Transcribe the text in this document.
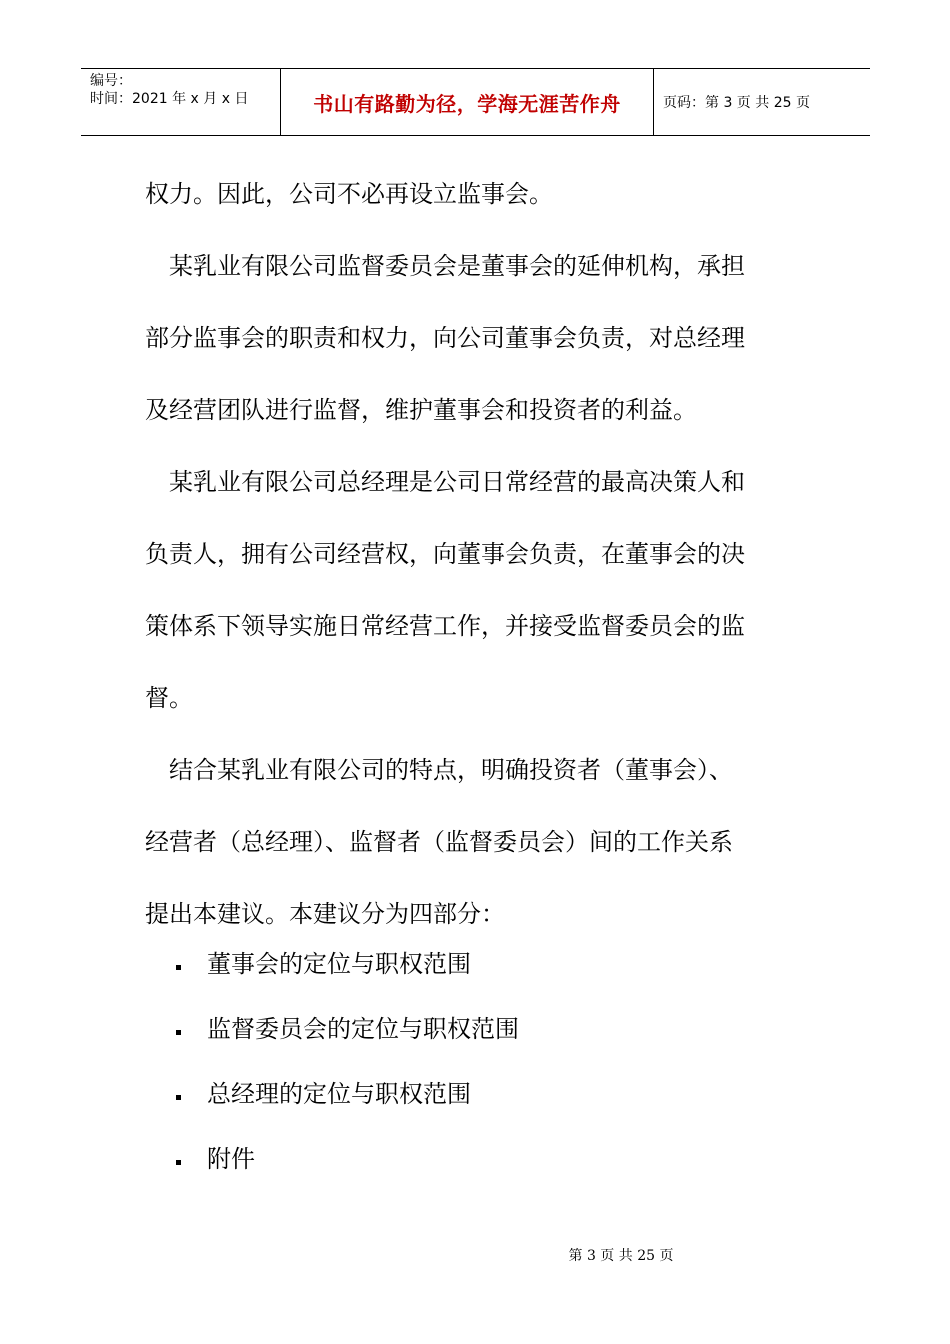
编号：
时间：2021 年 x 月 x 日	书山有路勤为径，学海无涯苦作舟	页码：第 3 页 共 25 页

权力。因此，公司不必再设立监事会。

　某乳业有限公司监督委员会是董事会的延伸机构，承担

部分监事会的职责和权力，向公司董事会负责，对总经理

及经营团队进行监督，维护董事会和投资者的利益。

　某乳业有限公司总经理是公司日常经营的最高决策人和

负责人，拥有公司经营权，向董事会负责，在董事会的决

策体系下领导实施日常经营工作，并接受监督委员会的监

督。

　结合某乳业有限公司的特点，明确投资者（董事会）、

经营者（总经理）、监督者（监督委员会）间的工作关系

提出本建议。本建议分为四部分：

董事会的定位与职权范围
监督委员会的定位与职权范围
总经理的定位与职权范围
附件
第 3 页 共 25 页
